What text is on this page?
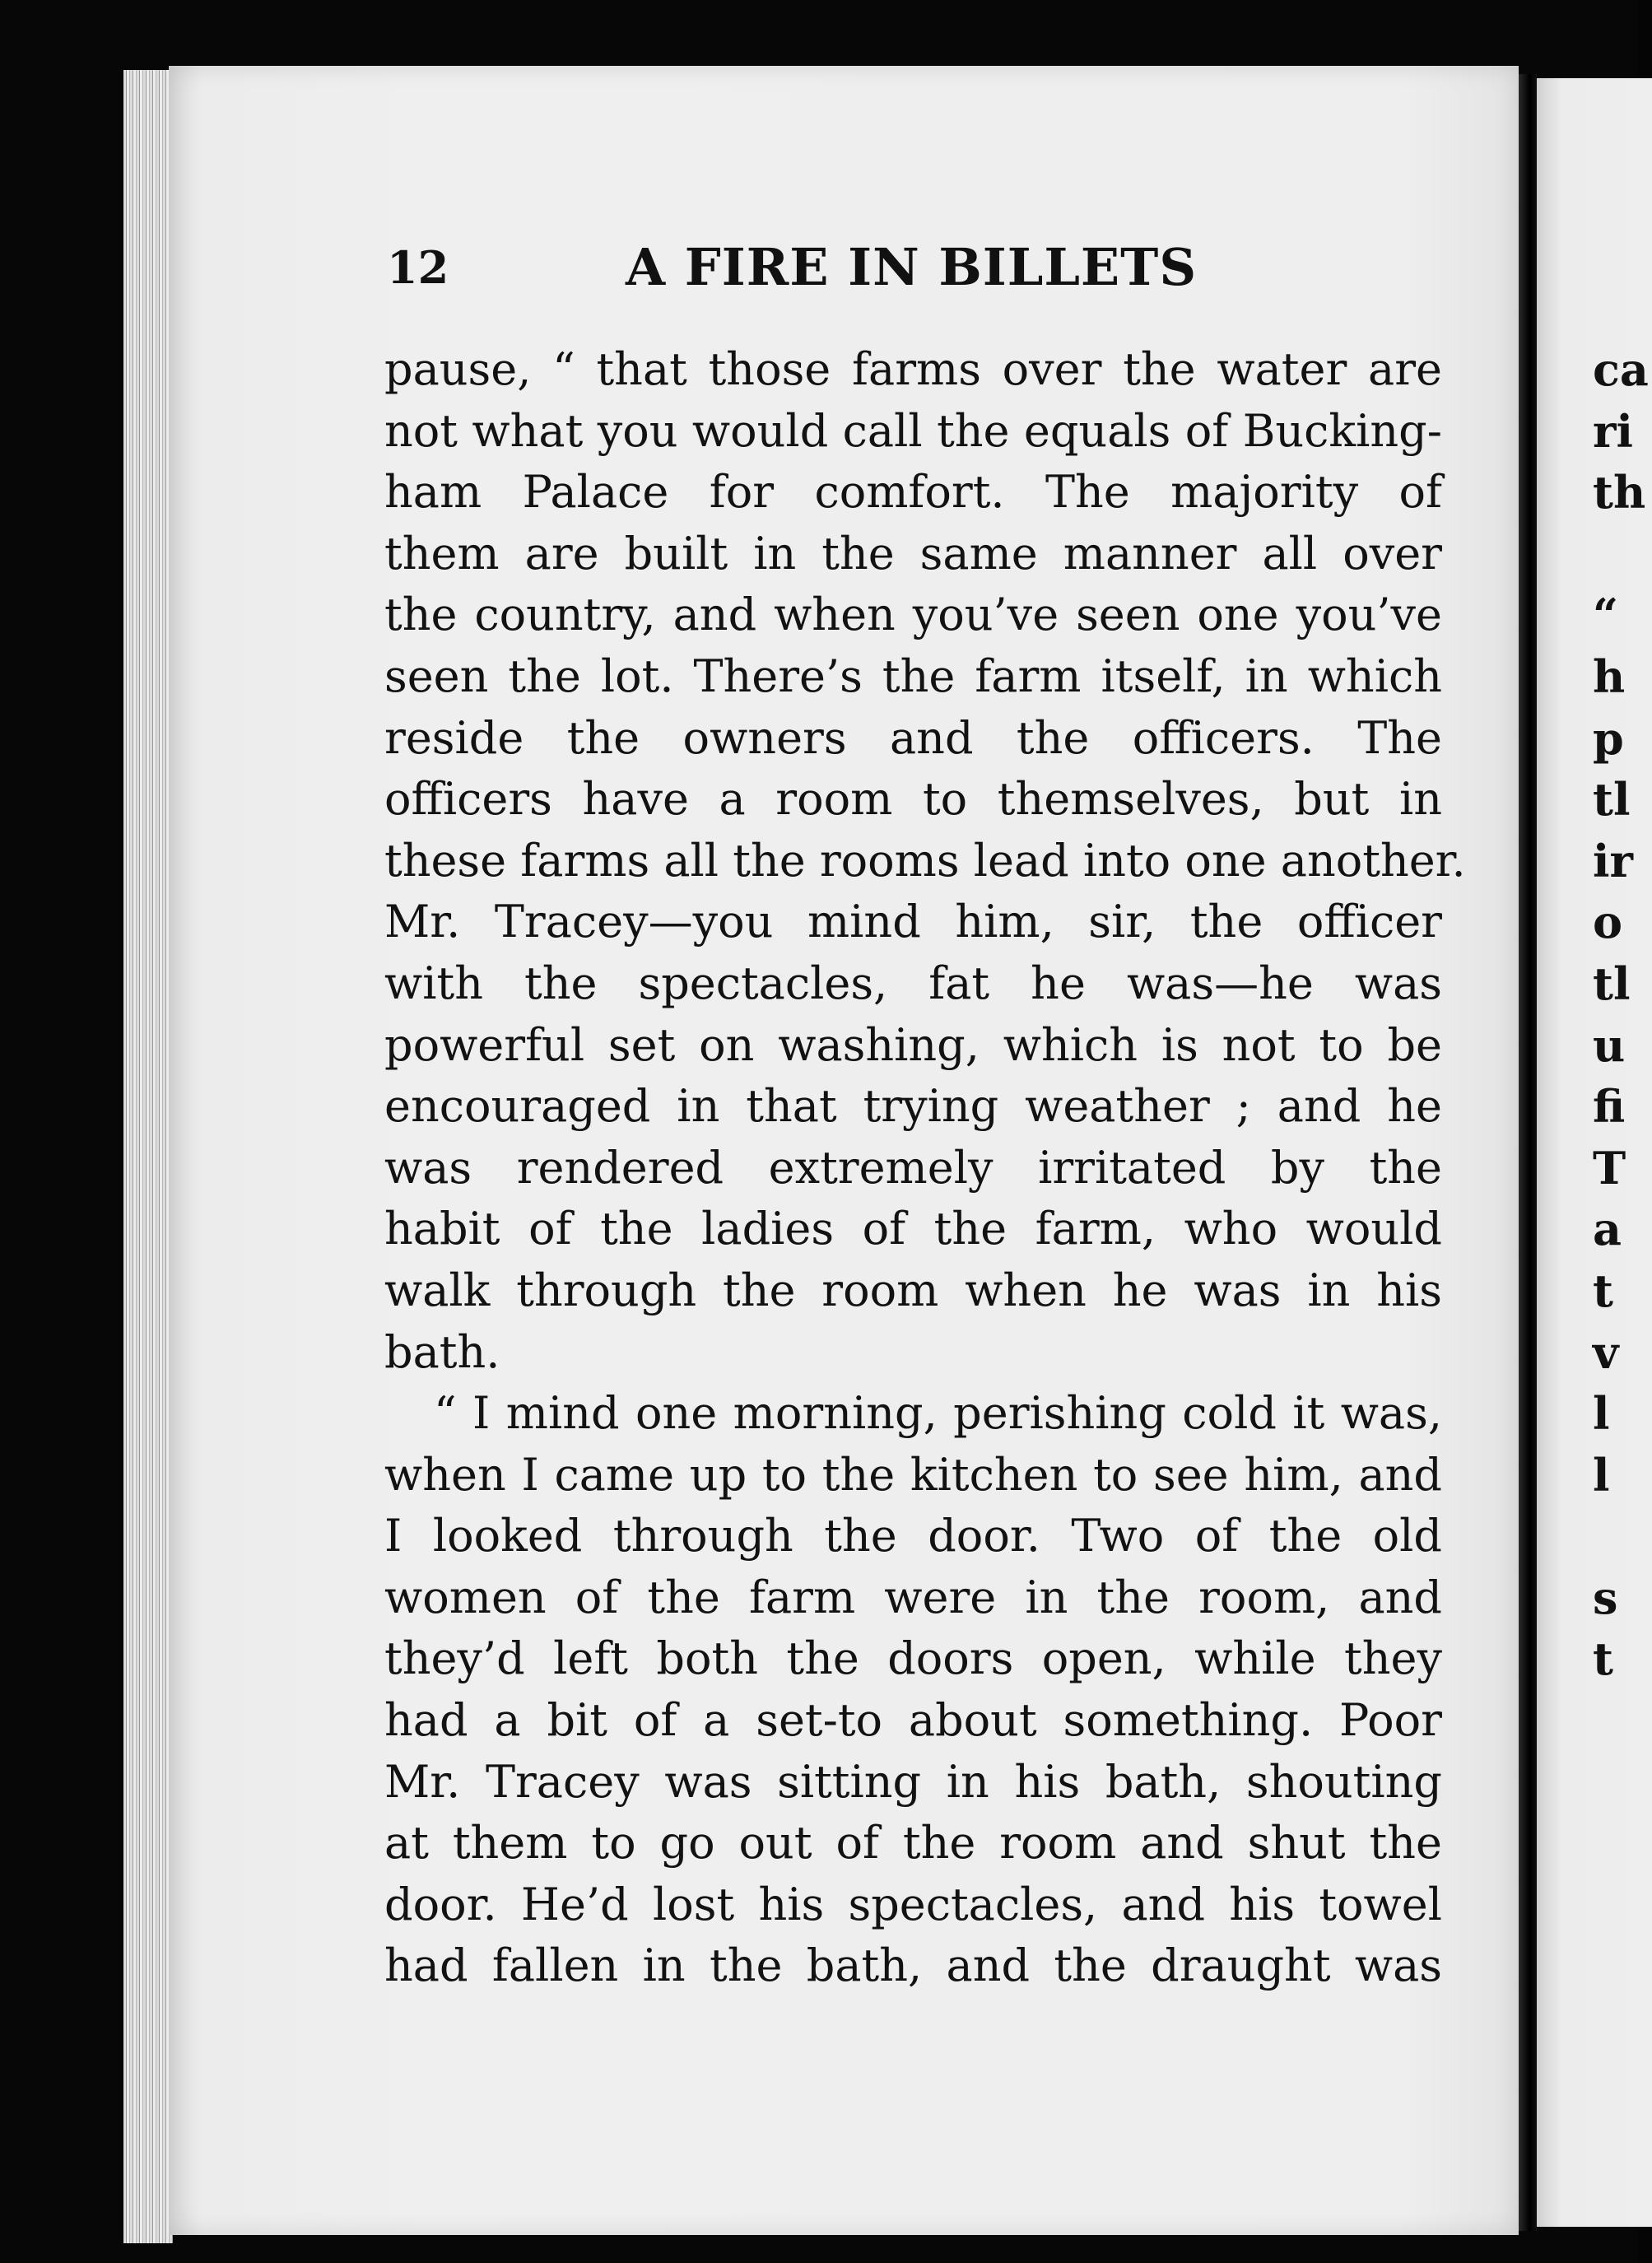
12	A FIRE IN BILLETS
pause, “ that those farms over the water are
not what you would call the equals of Bucking-
ham Palace for comfort. The majority of
them are built in the same manner all over
the country, and when you’ve seen one you’ve
seen the lot. There’s the farm itself, in which
reside the owners and the officers. The
officers have a room to themselves, but in
these farms all the rooms lead into one another.
Mr. Tracey—you mind him, sir, the officer
with the spectacles, fat he was—he was
powerful set on washing, which is not to be
encouraged in that trying weather ; and he
was rendered extremely irritated by the
habit of the ladies of the farm, who would
walk through the room when he was in his
bath.
“ I mind one morning, perishing cold it was,
when I came up to the kitchen to see him, and
I looked through the door. Two of the old
women of the farm were in the room, and
they’d left both the doors open, while they
had a bit of a set-to about something. Poor
Mr. Tracey was sitting in his bath, shouting
at them to go out of the room and shut the
door. He’d lost his spectacles, and his towel
had fallen in the bath, and the draught was
ca
ri
th
“
h
p
tl
ir
o
tl
u
fi
T
a
t
v
l
l
s
t
